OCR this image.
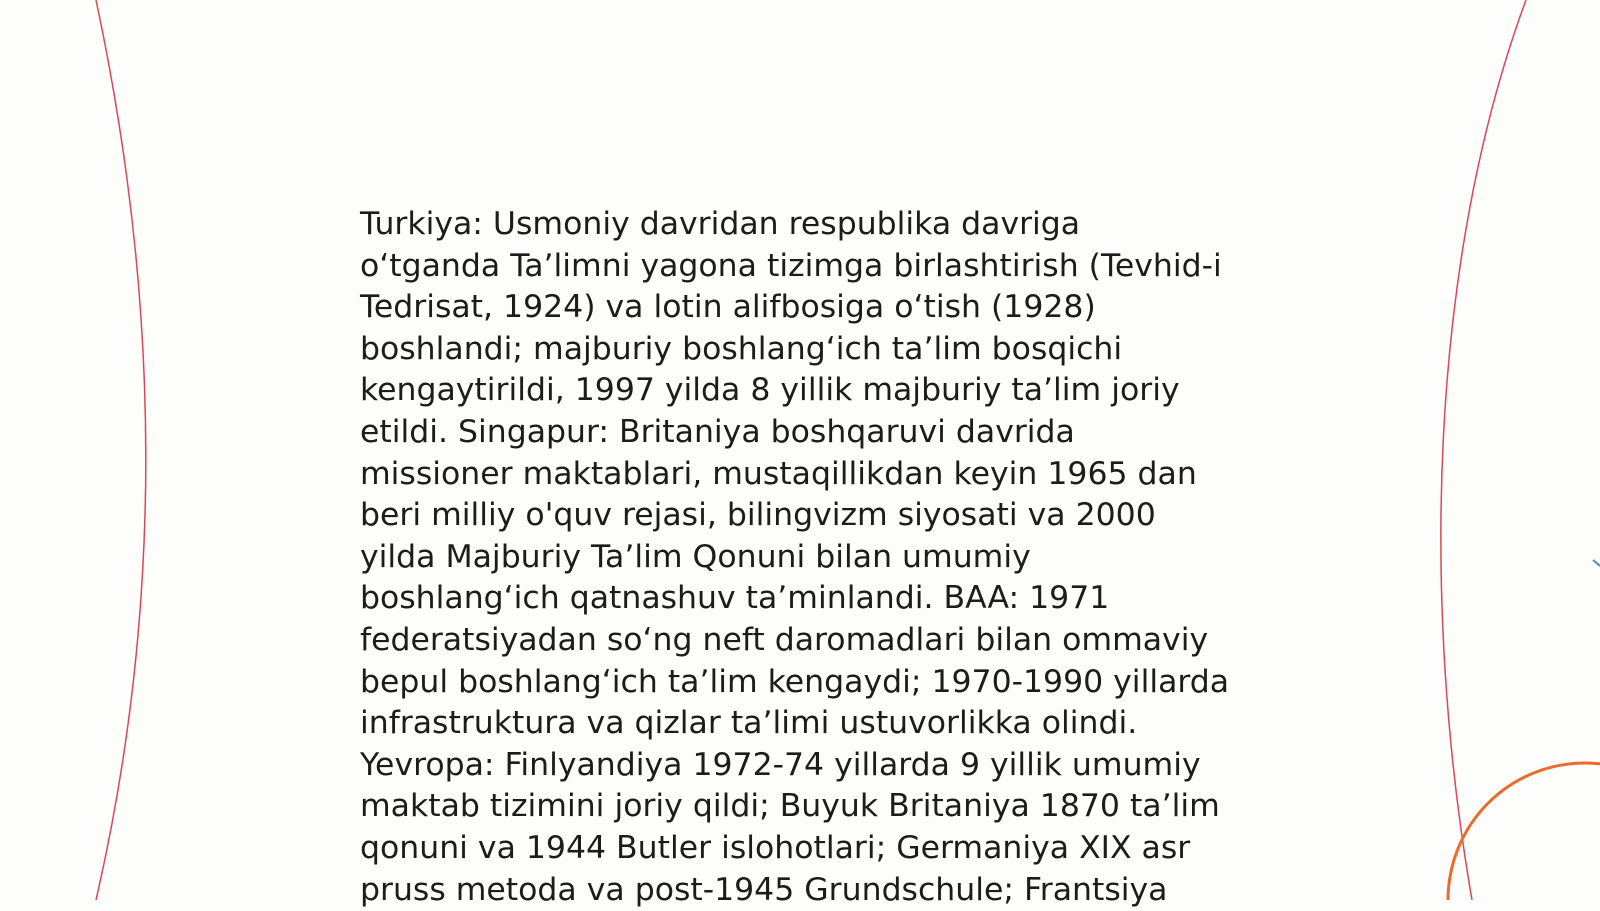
Turkiya: Usmoniy davridan respublika davriga
o‘tganda Ta’limni yagona tizimga birlashtirish (Tevhid-i
Tedrisat, 1924) va lotin alifbosiga o‘tish (1928)
boshlandi; majburiy boshlang‘ich ta’lim bosqichi
kengaytirildi, 1997 yilda 8 yillik majburiy ta’lim joriy
etildi. Singapur: Britaniya boshqaruvi davrida
missioner maktablari, mustaqillikdan keyin 1965 dan
beri milliy o'quv rejasi, bilingvizm siyosati va 2000
yilda Majburiy Ta’lim Qonuni bilan umumiy
boshlang‘ich qatnashuv ta’minlandi. BAA: 1971
federatsiyadan so‘ng neft daromadlari bilan ommaviy
bepul boshlang‘ich ta’lim kengaydi; 1970-1990 yillarda
infrastruktura va qizlar ta’limi ustuvorlikka olindi.
Yevropa: Finlyandiya 1972-74 yillarda 9 yillik umumiy
maktab tizimini joriy qildi; Buyuk Britaniya 1870 ta’lim
qonuni va 1944 Butler islohotlari; Germaniya XIX asr
pruss metoda va post-1945 Grundschule; Frantsiya
